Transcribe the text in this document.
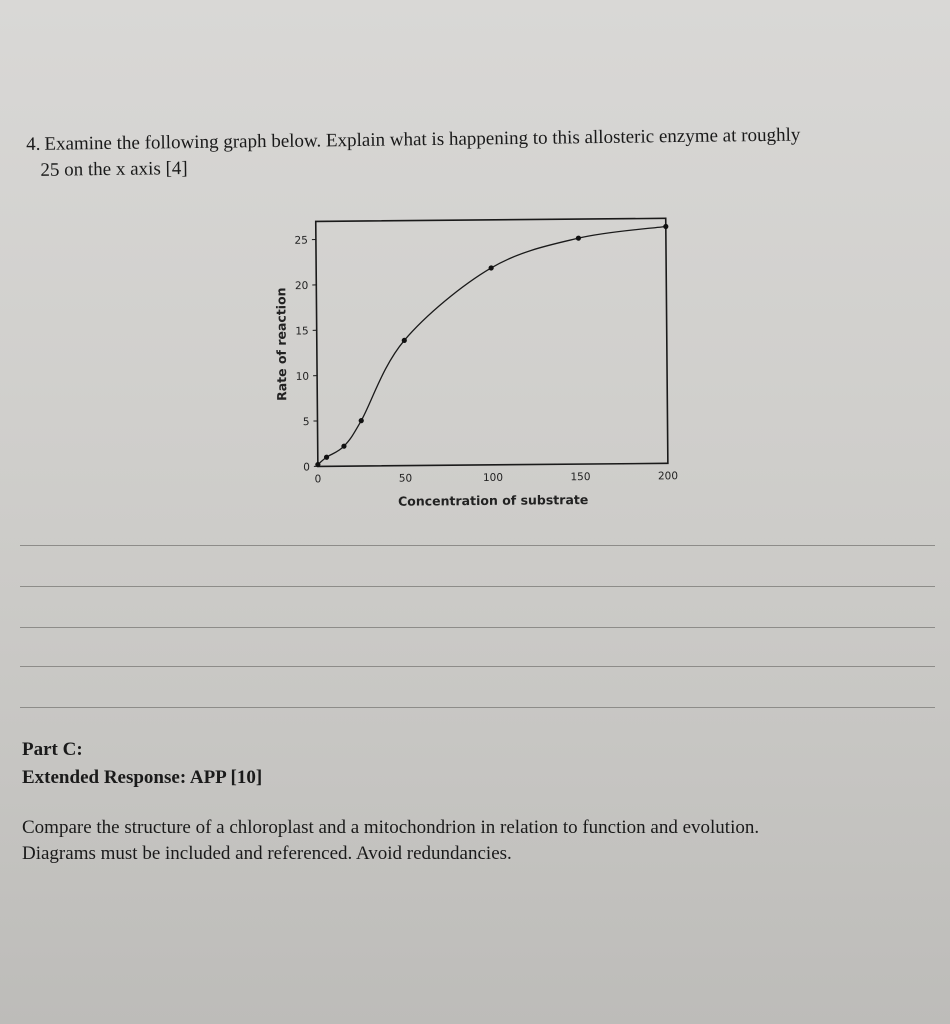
4. Examine the following graph below. Explain what is happening to this allosteric enzyme at roughly
25 on the x axis [4]
0
5
10
15
20
25
0	50	100	150	200
Concentration of substrate
Rate of reaction
Part C:
Extended Response: APP [10]
Compare the structure of a chloroplast and a mitochondrion in relation to function and evolution.
Diagrams must be included and referenced. Avoid redundancies.
